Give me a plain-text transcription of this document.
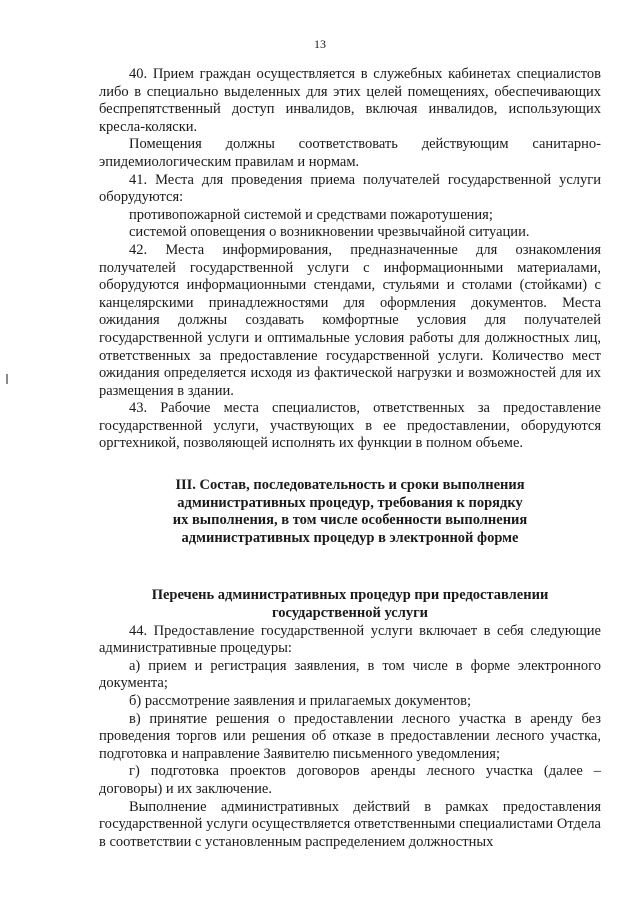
13

40. Прием граждан осуществляется в служебных кабинетах специалистов либо в специально выделенных для этих целей помещениях, обеспечивающих беспрепятственный доступ инвалидов, включая инвалидов, использующих кресла-коляски.

Помещения должны соответствовать действующим санитарно-эпидемиологическим правилам и нормам.

41. Места для проведения приема получателей государственной услуги оборудуются:

противопожарной системой и средствами пожаротушения;

системой оповещения о возникновении чрезвычайной ситуации.

42. Места информирования, предназначенные для ознакомления получателей государственной услуги с информационными материалами, оборудуются информационными стендами, стульями и столами (стойками) с канцелярскими принадлежностями для оформления документов. Места ожидания должны создавать комфортные условия для получателей государственной услуги и оптимальные условия работы для должностных лиц, ответственных за предоставление государственной услуги. Количество мест ожидания определяется исходя из фактической нагрузки и возможностей для их размещения в здании.

43. Рабочие места специалистов, ответственных за предоставление государственной услуги, участвующих в ее предоставлении, оборудуются оргтехникой, позволяющей исполнять их функции в полном объеме.

III. Состав, последовательность и сроки выполнения
административных процедур, требования к порядку
их выполнения, в том числе особенности выполнения
административных процедур в электронной форме
Перечень административных процедур при предоставлении
государственной услуги

44. Предоставление государственной услуги включает в себя следующие административные процедуры:

а) прием и регистрация заявления, в том числе в форме электронного документа;

б) рассмотрение заявления и прилагаемых документов;

в) принятие решения о предоставлении лесного участка в аренду без проведения торгов или решения об отказе в предоставлении лесного участка, подготовка и направление Заявителю письменного уведомления;

г) подготовка проектов договоров аренды лесного участка (далее – договоры) и их заключение.

Выполнение административных действий в рамках предоставления государственной услуги осуществляется ответственными специалистами Отдела в соответствии с установленным распределением должностных
